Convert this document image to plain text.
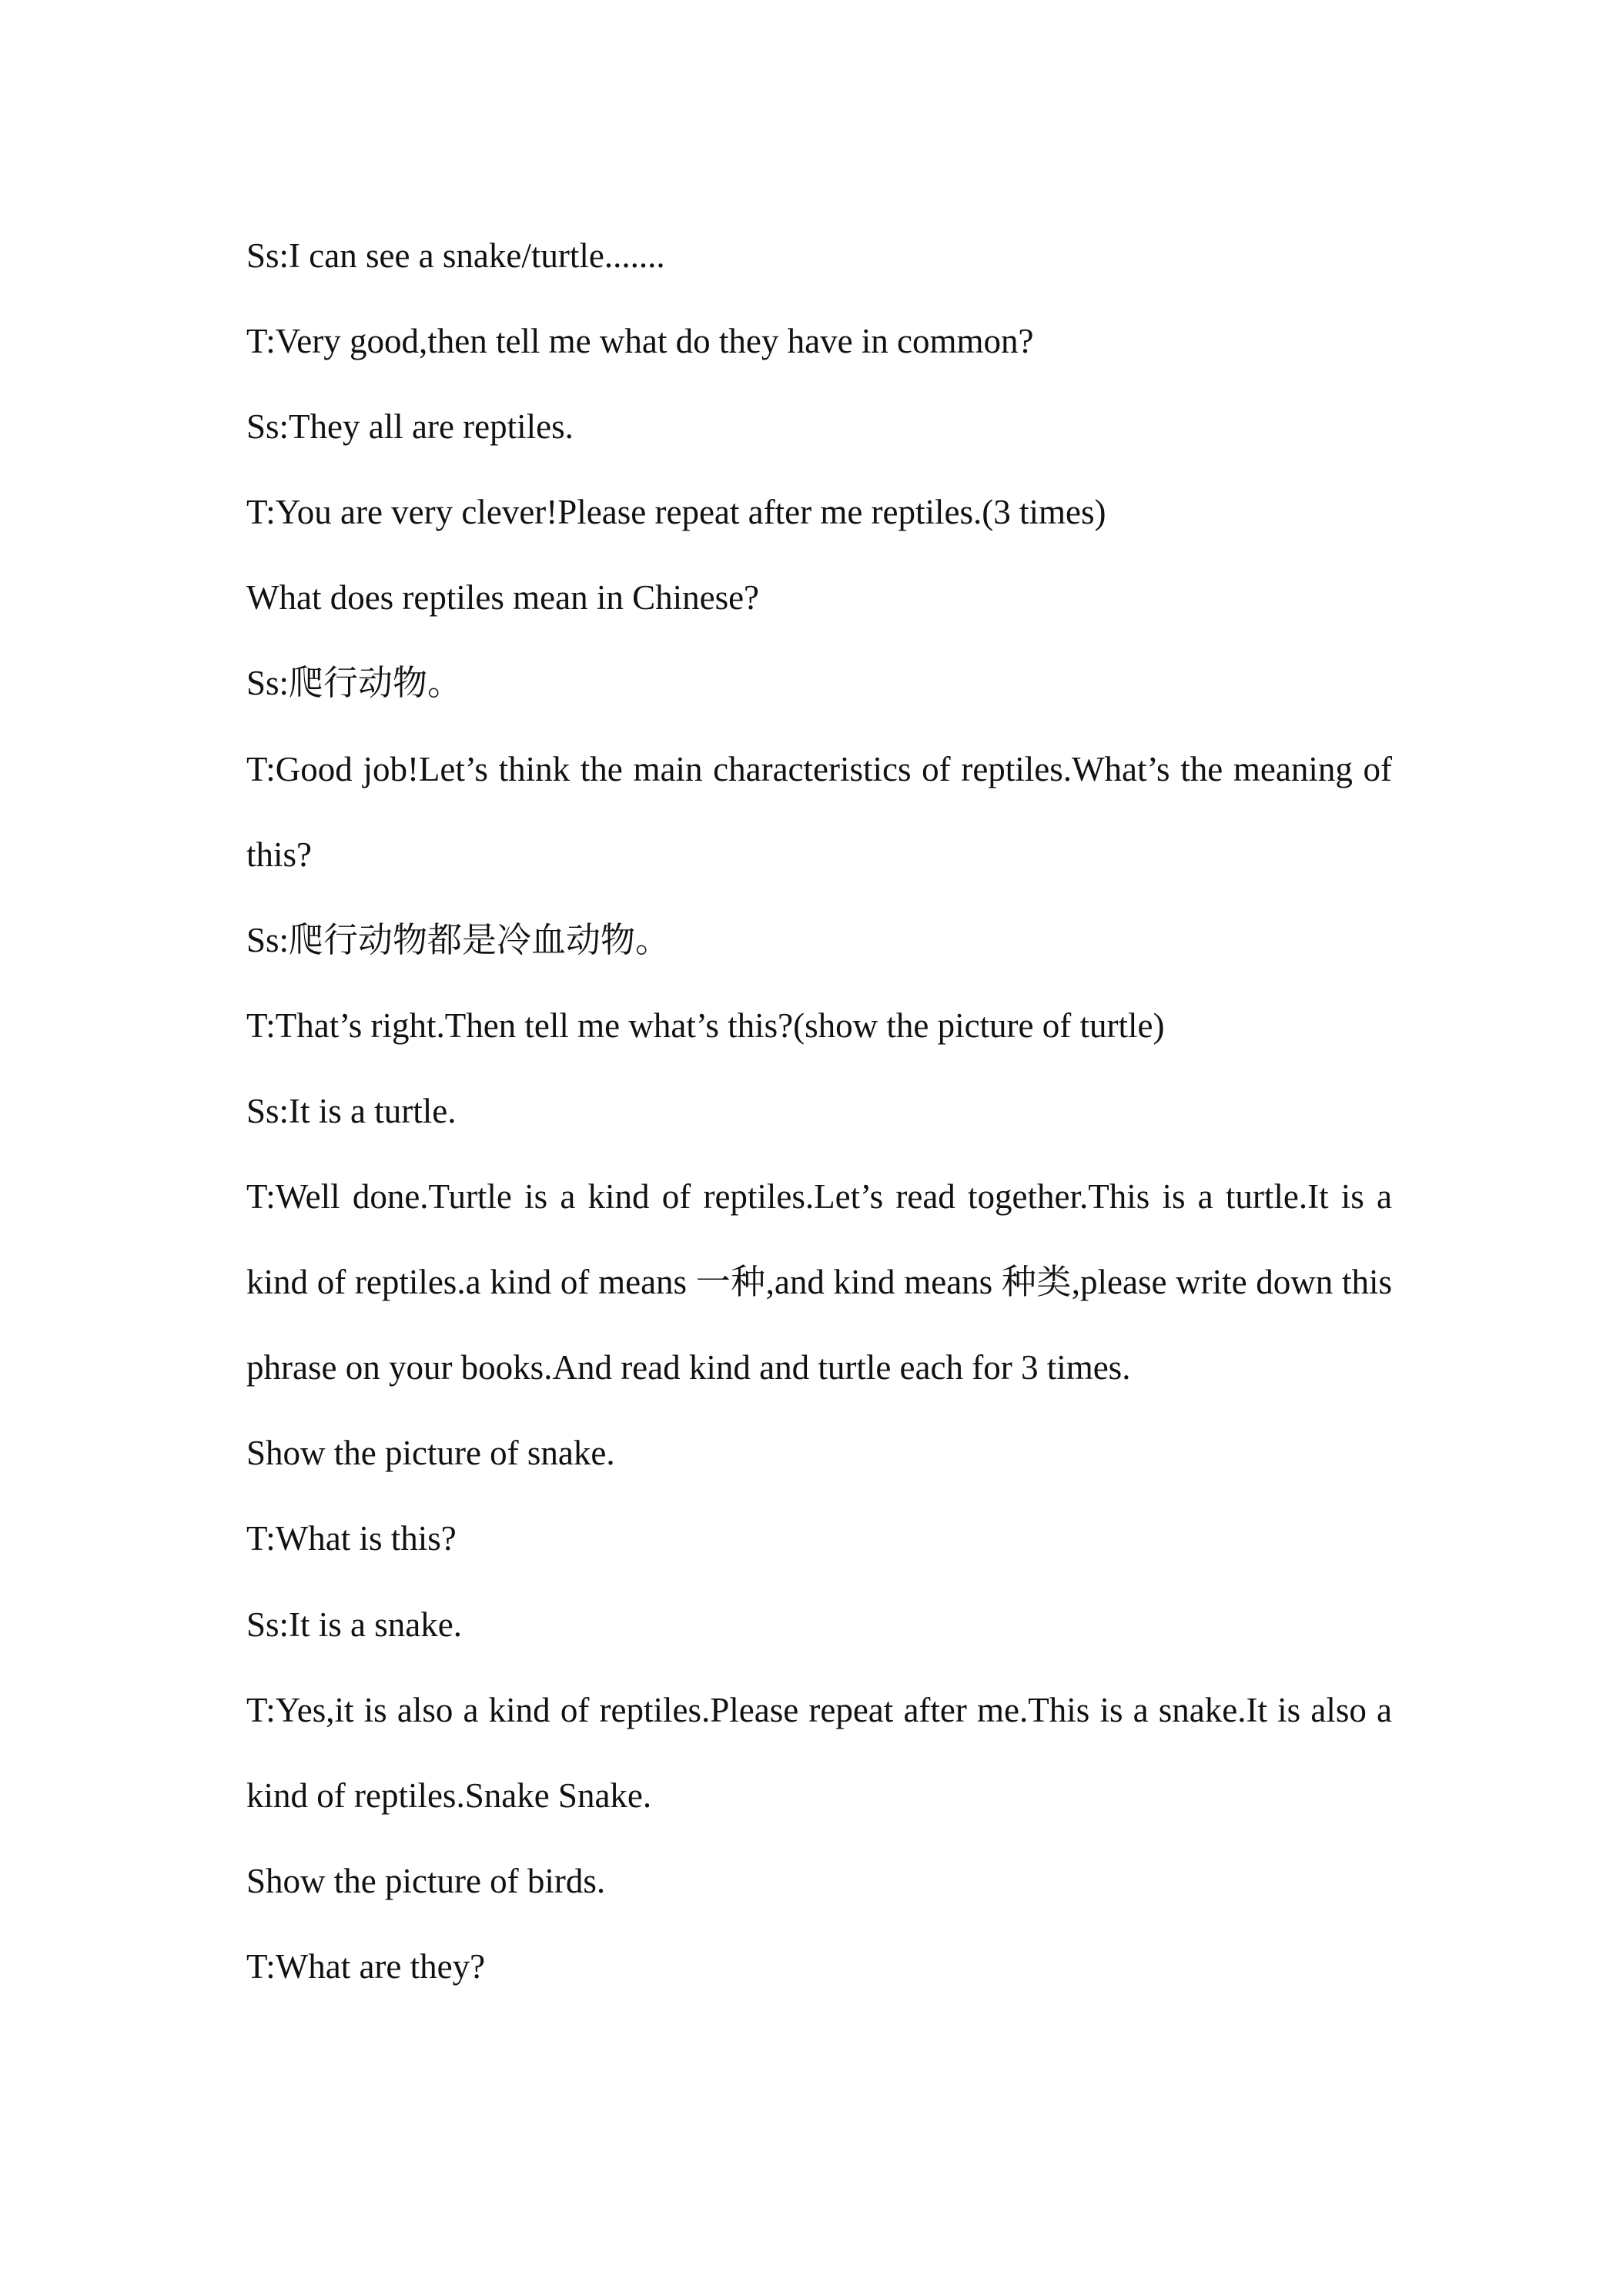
Ss:I can see a snake/turtle.......

T:Very good,then tell me what do they have in common?

Ss:They all are reptiles.

T:You are very clever!Please repeat after me reptiles.(3 times)

What does reptiles mean in Chinese?

Ss:爬行动物。

T:Good job!Let’s think the main characteristics of reptiles.What’s the meaning of this?

Ss:爬行动物都是冷血动物。

T:That’s right.Then tell me what’s this?(show the picture of turtle)

Ss:It is a turtle.

T:Well done.Turtle is a kind of reptiles.Let’s read together.This is a turtle.It is a kind of reptiles.a kind of means 一种,and kind means 种类,please write down this phrase on your books.And read kind and turtle each for 3 times.

Show the picture of snake.

T:What is this?

Ss:It is a snake.

T:Yes,it is also a kind of reptiles.Please repeat after me.This is a snake.It is also a kind of reptiles.Snake Snake.

Show the picture of birds.

T:What are they?
